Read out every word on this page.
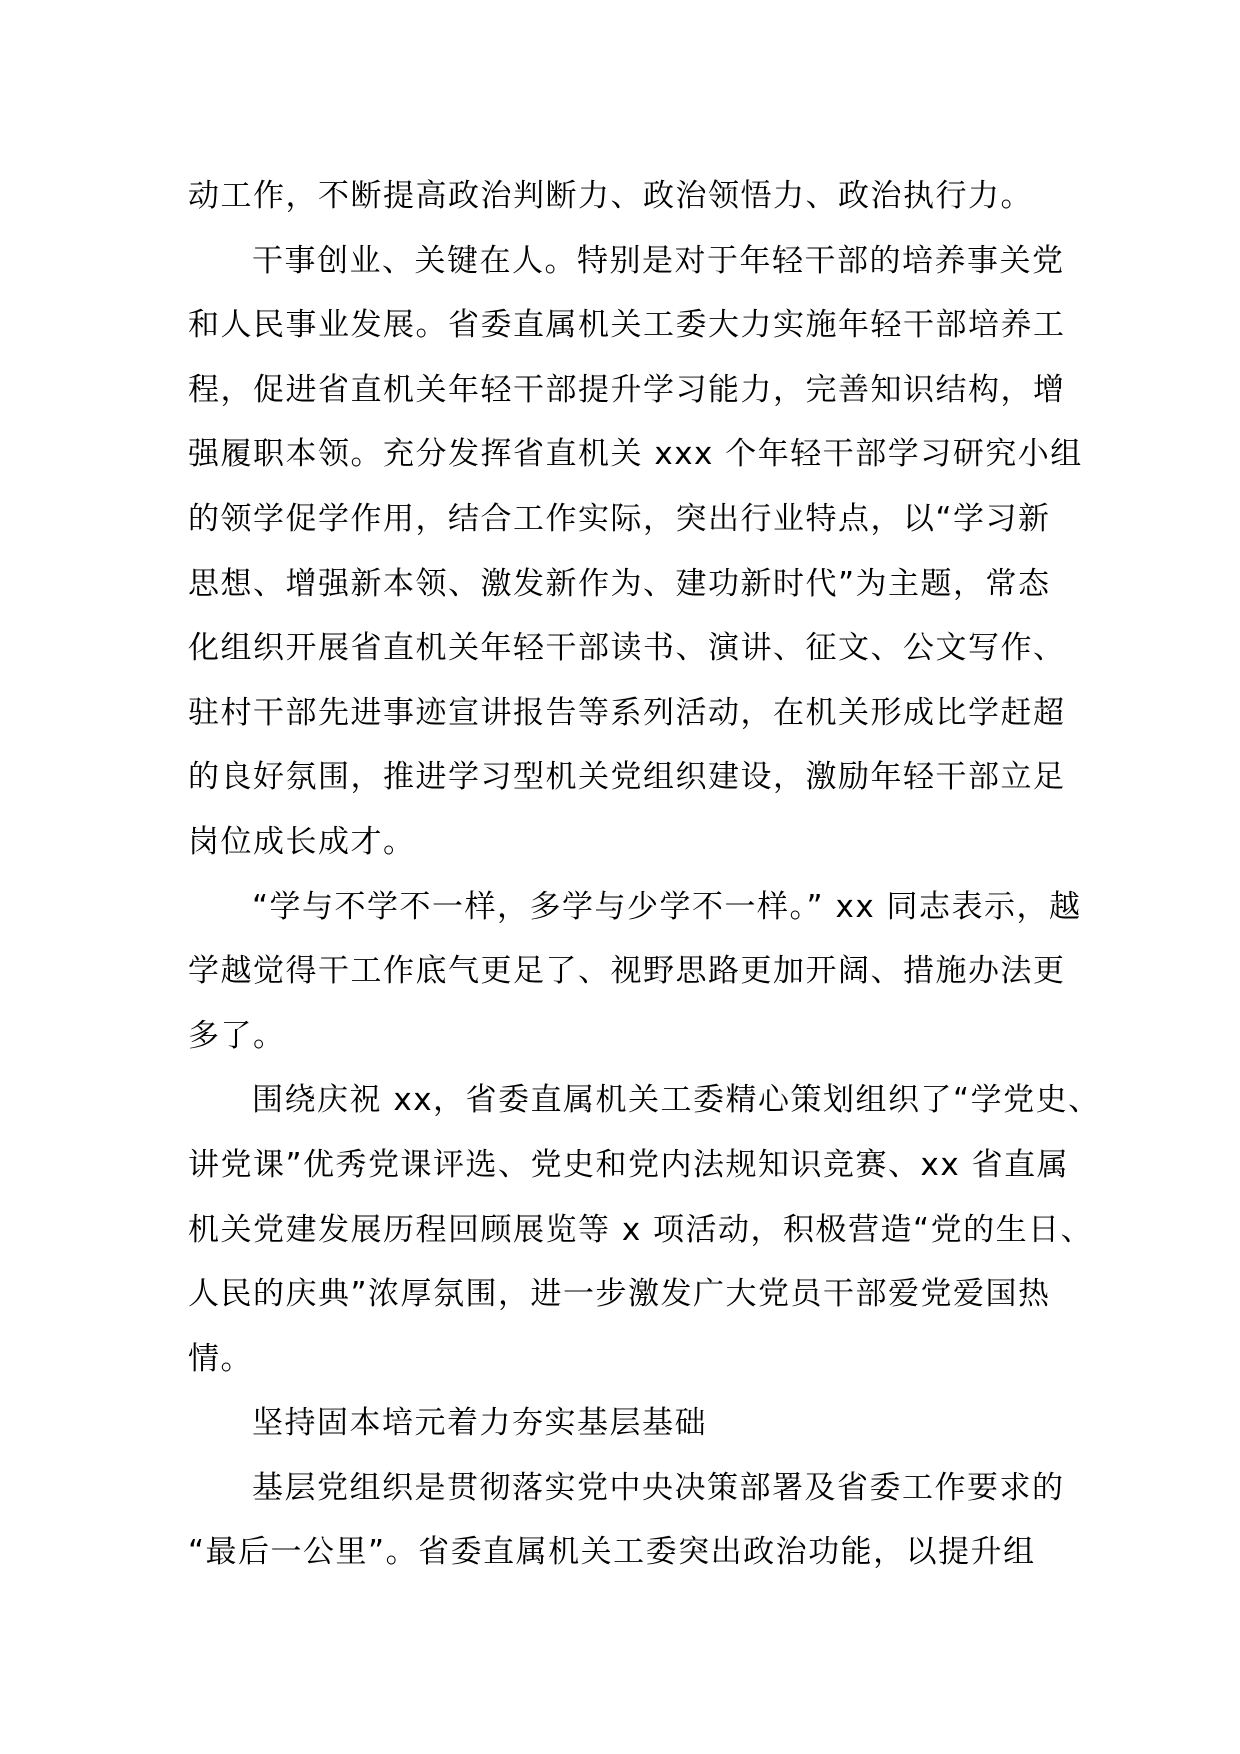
动工作，不断提高政治判断力、政治领悟力、政治执行力。
干事创业、关键在人。特别是对于年轻干部的培养事关党
和人民事业发展。省委直属机关工委大力实施年轻干部培养工
程，促进省直机关年轻干部提升学习能力，完善知识结构，增
强履职本领。充分发挥省直机关 xxx 个年轻干部学习研究小组
的领学促学作用，结合工作实际，突出行业特点，以“学习新
思想、增强新本领、激发新作为、建功新时代”为主题，常态
化组织开展省直机关年轻干部读书、演讲、征文、公文写作、
驻村干部先进事迹宣讲报告等系列活动，在机关形成比学赶超
的良好氛围，推进学习型机关党组织建设，激励年轻干部立足
岗位成长成才。
“学与不学不一样，多学与少学不一样。” xx 同志表示，越
学越觉得干工作底气更足了、视野思路更加开阔、措施办法更
多了。
围绕庆祝 xx，省委直属机关工委精心策划组织了“学党史、
讲党课”优秀党课评选、党史和党内法规知识竞赛、xx 省直属
机关党建发展历程回顾展览等 x 项活动，积极营造“党的生日、
人民的庆典”浓厚氛围，进一步激发广大党员干部爱党爱国热
情。
坚持固本培元着力夯实基层基础
基层党组织是贯彻落实党中央决策部署及省委工作要求的
“最后一公里”。省委直属机关工委突出政治功能，以提升组
